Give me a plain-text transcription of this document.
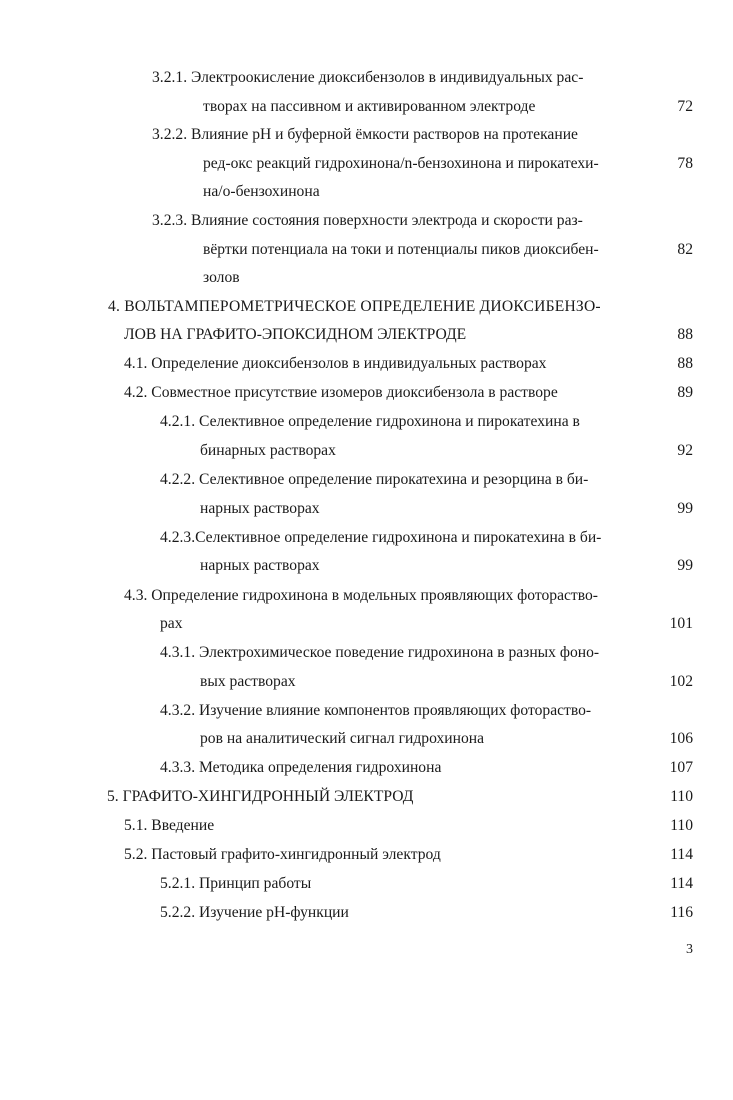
3.2.1. Электроокисление диоксибензолов в индивидуальных рас-
творах на пассивном и активированном электроде	72
3.2.2. Влияние рН и буферной ёмкости растворов на протекание
ред-окс реакций гидрохинона/n-бензохинона и пирокатехи-	78
на/о-бензохинона
3.2.3. Влияние состояния поверхности электрода и скорости раз-
вёртки потенциала на токи и потенциалы пиков диоксибен-	82
золов
4. ВОЛЬТАМПЕРОМЕТРИЧЕСКОЕ ОПРЕДЕЛЕНИЕ ДИОКСИБЕНЗО-
ЛОВ НА ГРАФИТО-ЭПОКСИДНОМ ЭЛЕКТРОДЕ	88
4.1. Определение диоксибензолов в индивидуальных растворах	88
4.2. Совместное присутствие изомеров диоксибензола в растворе	89
4.2.1. Селективное определение гидрохинона и пирокатехина в
бинарных растворах	92
4.2.2. Селективное определение пирокатехина и резорцина в би-
нарных растворах	99
4.2.3.Селективное определение гидрохинона и пирокатехина в би-
нарных растворах	99
4.3. Определение гидрохинона в модельных проявляющих фотораство-
рах	101
4.3.1. Электрохимическое поведение гидрохинона в разных фоно-
вых растворах	102
4.3.2. Изучение влияние компонентов проявляющих фотораство-
ров на аналитический сигнал гидрохинона	106
4.3.3. Методика определения гидрохинона	107
5. ГРАФИТО-ХИНГИДРОННЫЙ ЭЛЕКТРОД	110
5.1. Введение	110
5.2. Пастовый графито-хингидронный электрод	114
5.2.1. Принцип работы	114
5.2.2. Изучение рН-функции	116
3
